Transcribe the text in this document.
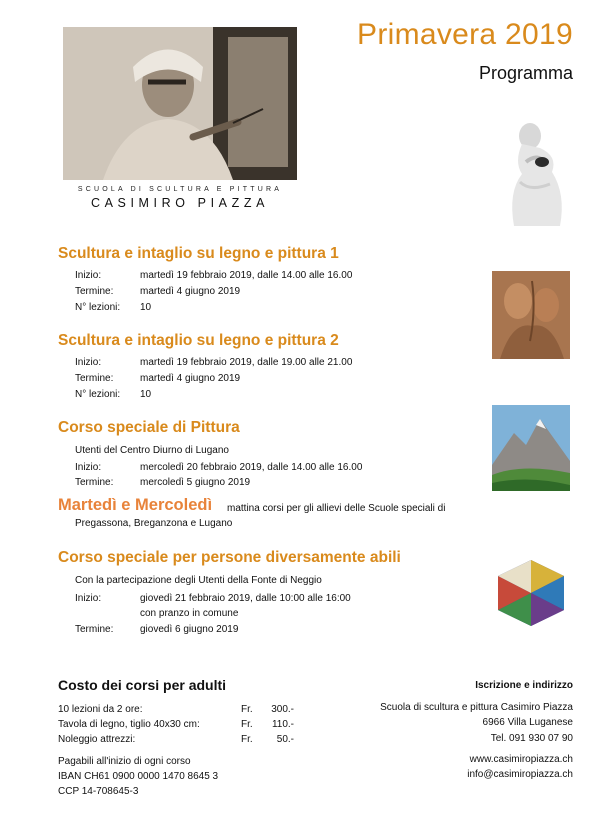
Primavera 2019
Programma
SCUOLA DI SCULTURA E PITTURA
CASIMIRO PIAZZA
Scultura e intaglio su legno e pittura 1
Inizio:	martedì 19 febbraio 2019, dalle 14.00 alle 16.00
Termine:	martedì 4 giugno 2019
N° lezioni: 10
Scultura e intaglio su legno e pittura 2
Inizio:	martedì 19 febbraio 2019, dalle 19.00 alle 21.00
Termine:	martedì 4 giugno 2019
N° lezioni: 10
Corso speciale di Pittura
Utenti del Centro Diurno di Lugano
Inizio:	mercoledì 20 febbraio 2019, dalle 14.00 alle 16.00
Termine:	mercoledì 5 giugno 2019
Martedì e Mercoledì mattina corsi per gli allievi delle Scuole speciali di
Pregassona, Breganzona e Lugano
Corso speciale per persone diversamente abili
Con la partecipazione degli Utenti della Fonte di Neggio
Inizio:	giovedì 21 febbraio 2019, dalle 10:00 alle 16:00
con pranzo in comune
Termine:	giovedì 6 giugno 2019
Costo dei corsi per adulti
10 lezioni da 2 ore:	Fr.	300.-
Tavola di legno, tiglio 40x30 cm:	Fr.	110.-
Noleggio attrezzi:	Fr.	50.-
Pagabili all'inizio di ogni corso
IBAN CH61 0900 0000 1470 8645 3
CCP 14-708645-3
Iscrizione e indirizzo
Scuola di scultura e pittura Casimiro Piazza
6966 Villa Luganese
Tel. 091 930 07 90
www.casimiropiazza.ch
info@casimiropiazza.ch
